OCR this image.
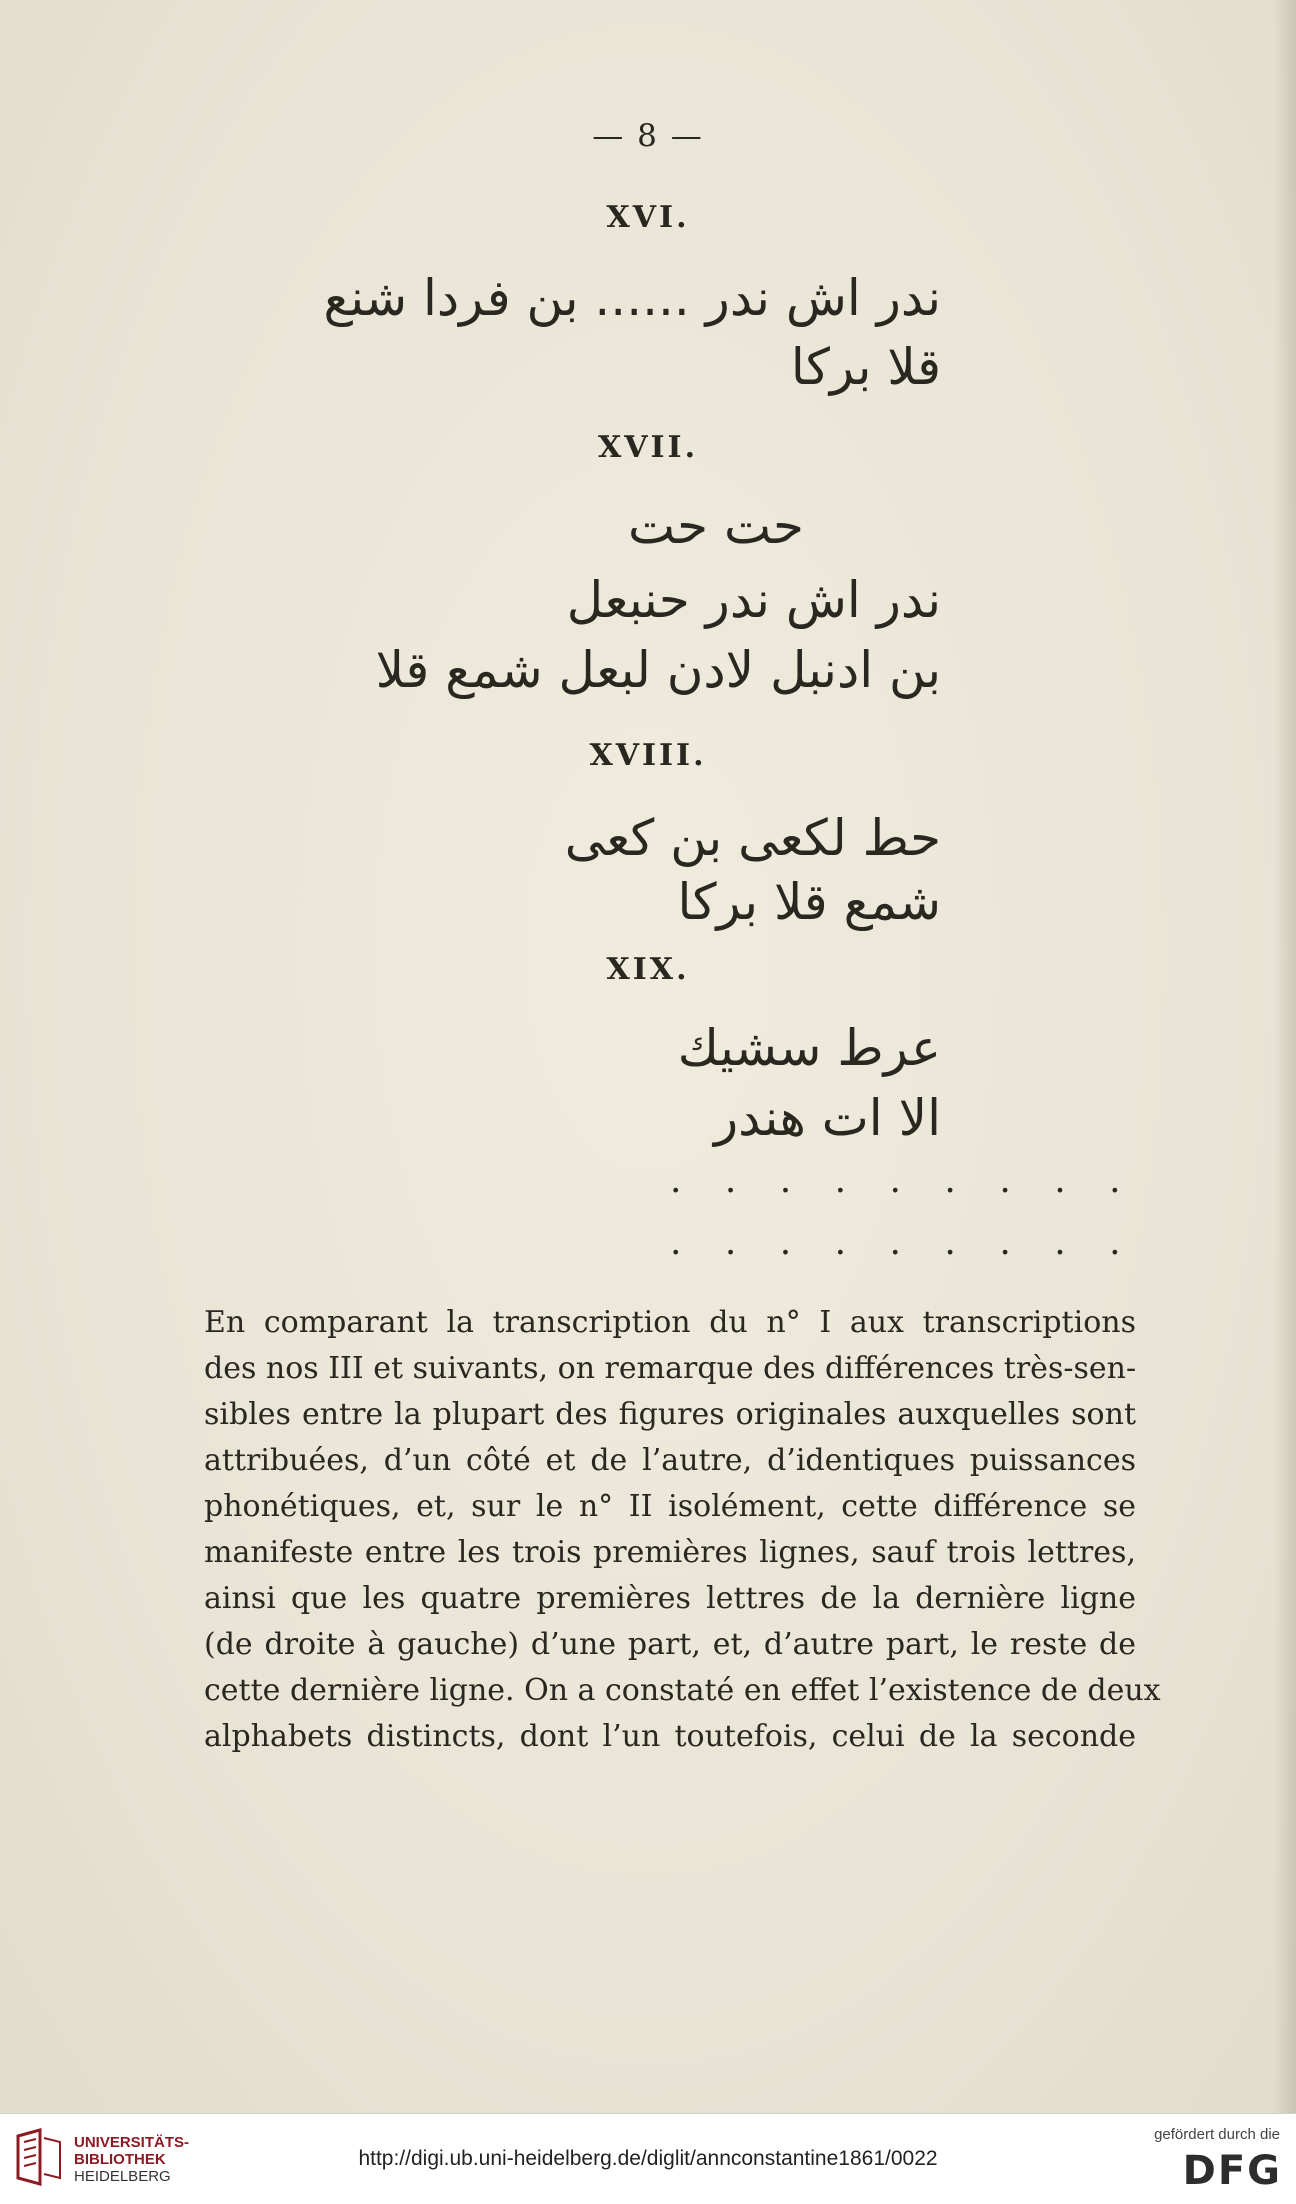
— 8 —
XVI.
ندر اش ندر ...... بن فردا شنع
قلا بركا
XVII.
حت حت
ندر اش ندر حنبعل
بن ادنبل لادن لبعل شمع قلا
XVIII.
حط لكعى بن كعى
شمع قلا بركا
XIX.
عرط سشيك
الا ات هندر
. . . . . . . . .
. . . . . . . . .
En comparant la transcription du n° I aux transcriptions
des nos III et suivants, on remarque des différences très-sen-
sibles entre la plupart des figures originales auxquelles sont
attribuées, d’un côté et de l’autre, d’identiques puissances
phonétiques, et, sur le n° II isolément, cette différence se
manifeste entre les trois premières lignes, sauf trois lettres,
ainsi que les quatre premières lettres de la dernière ligne
(de droite à gauche) d’une part, et, d’autre part, le reste de
cette dernière ligne. On a constaté en effet l’existence de deux
alphabets distincts, dont l’un toutefois, celui de la seconde
UNIVERSITÄTS-
BIBLIOTHEK
HEIDELBERG
http://digi.ub.uni-heidelberg.de/diglit/annconstantine1861/0022
gefördert durch die
DFG
